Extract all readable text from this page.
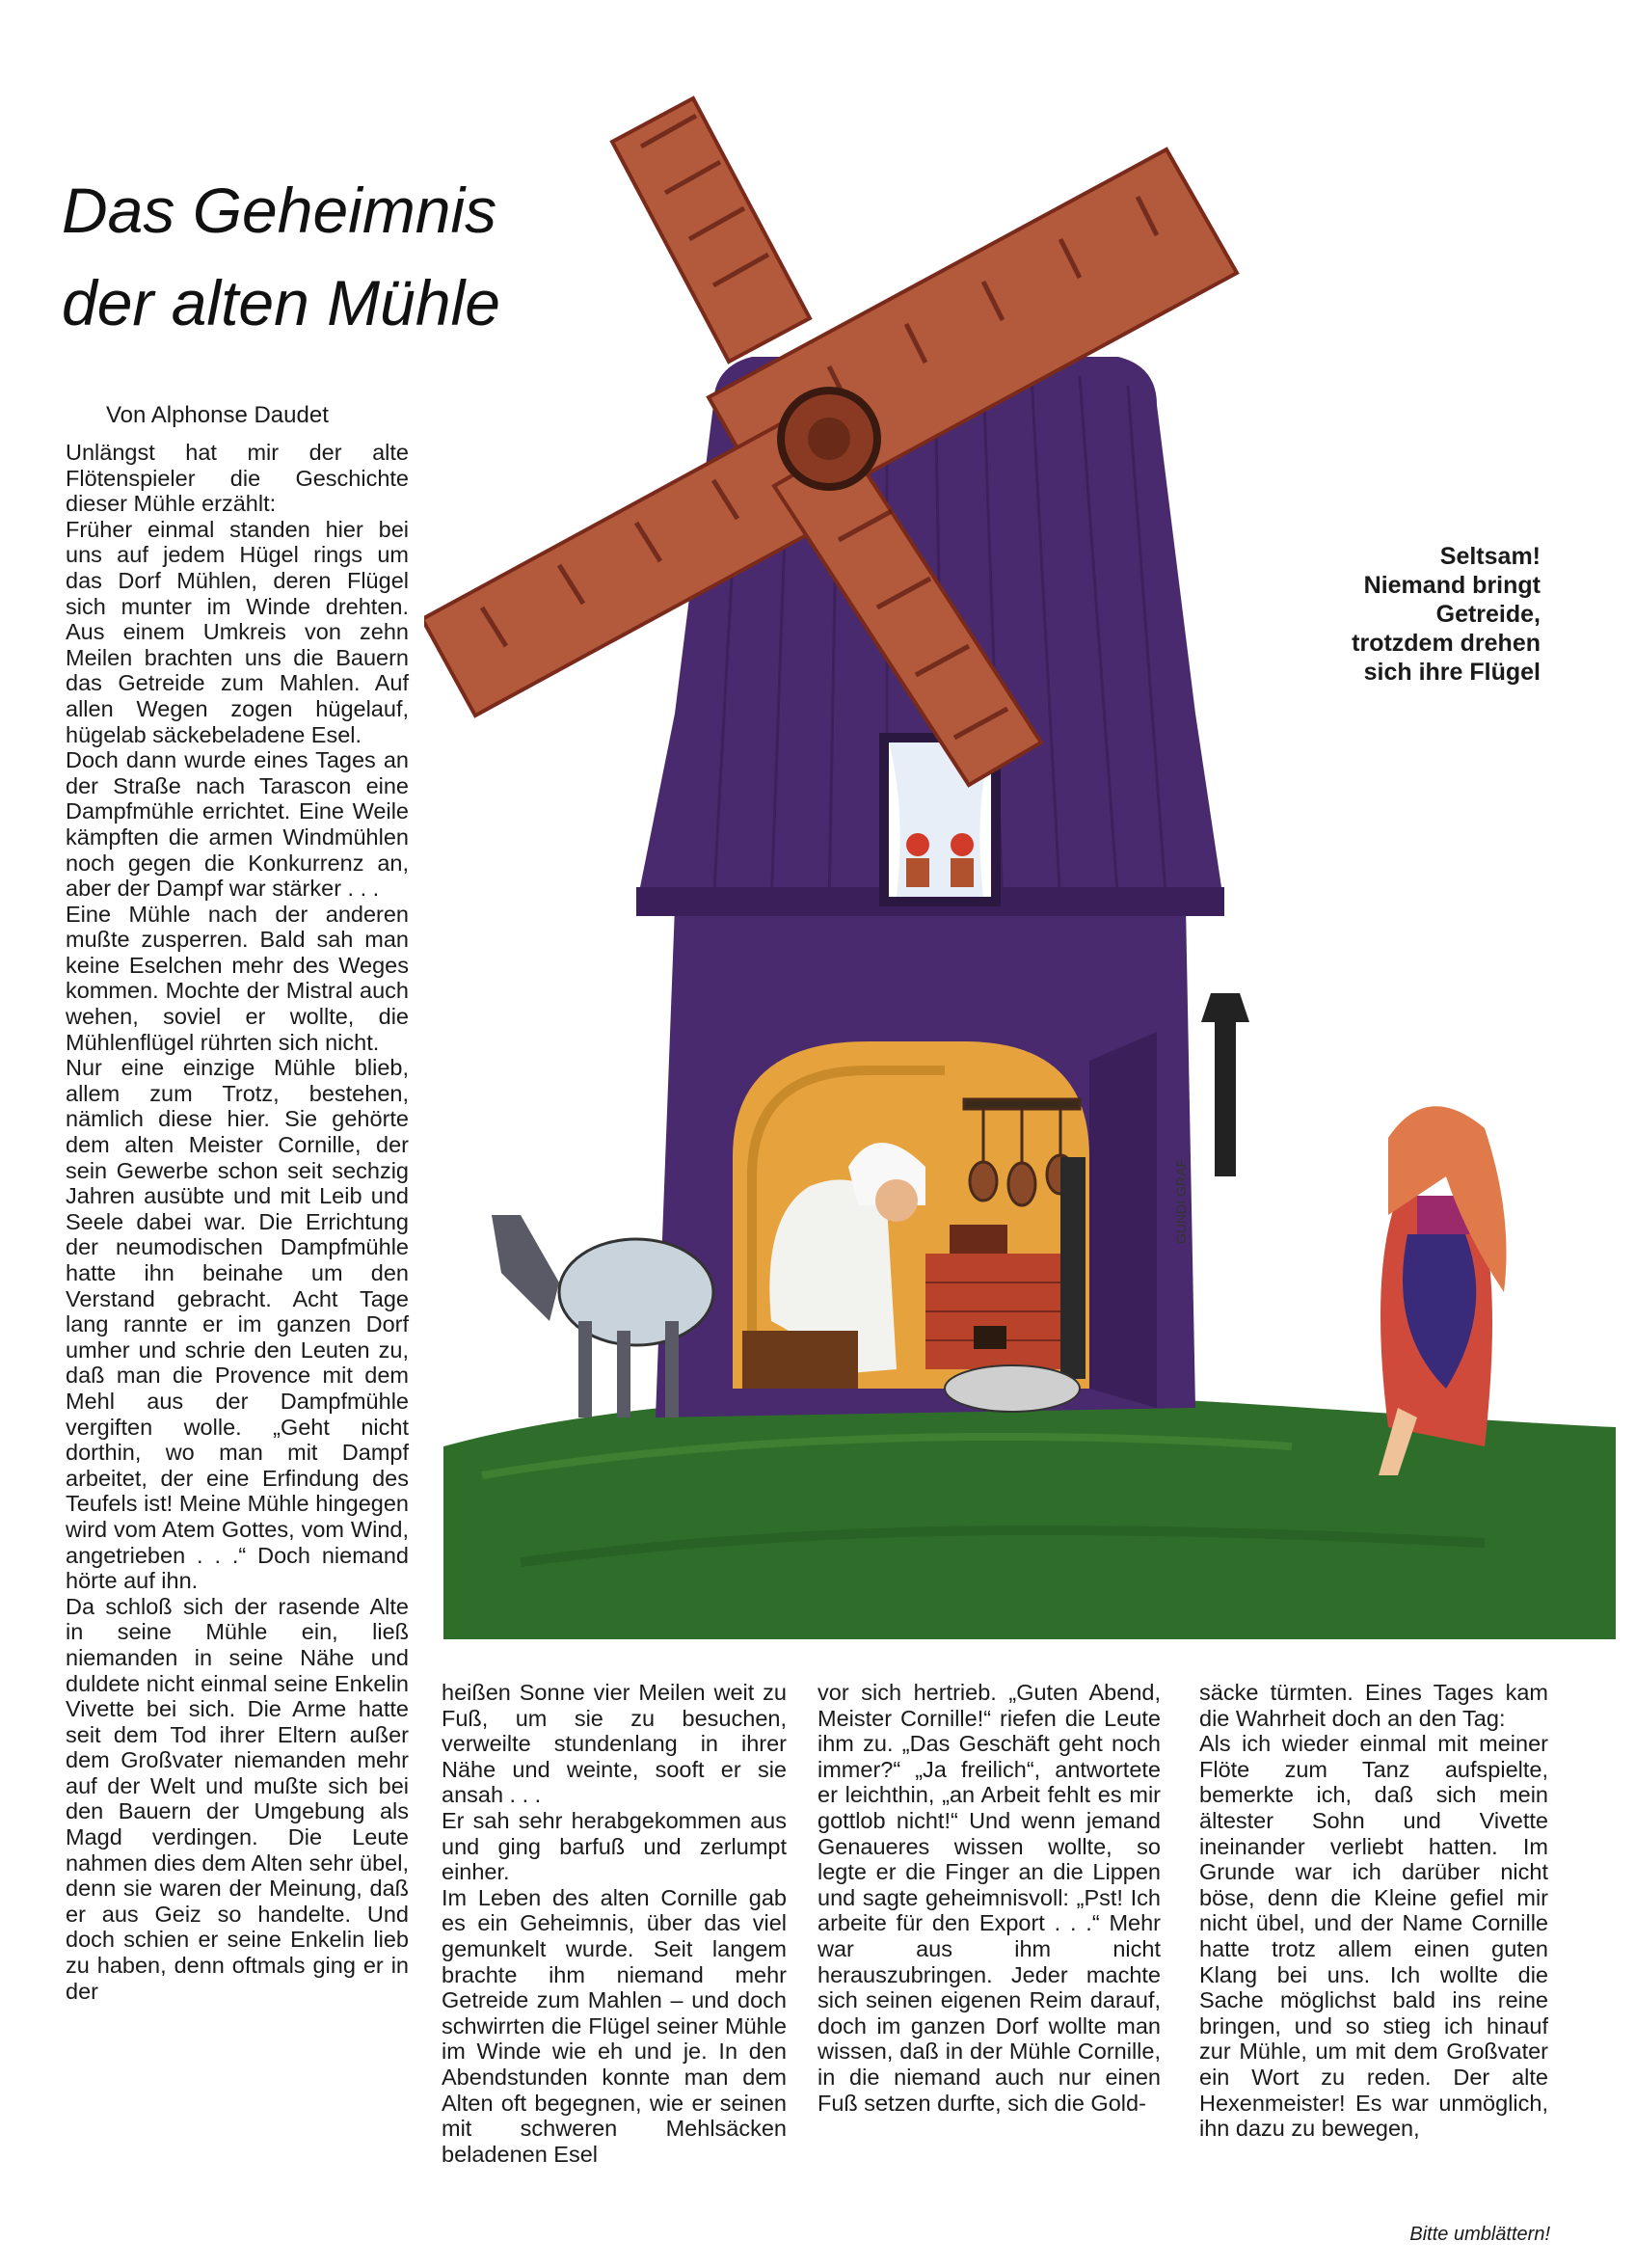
Das Geheimnis
der alten Mühle
Von Alphonse Daudet
GUNDI GRAF
Seltsam!
Niemand bringt
Getreide,
trotzdem drehen
sich ihre Flügel

Unlängst hat mir der alte Flötenspieler die Geschichte dieser Mühle erzählt:

Früher einmal standen hier bei uns auf jedem Hügel rings um das Dorf Mühlen, deren Flügel sich munter im Winde drehten. Aus einem Umkreis von zehn Meilen brachten uns die Bauern das Getreide zum Mahlen. Auf allen Wegen zogen hügelauf, hügelab säckebeladene Esel.

Doch dann wurde eines Tages an der Straße nach Tarascon eine Dampfmühle errichtet. Eine Weile kämpften die armen Windmühlen noch gegen die Konkurrenz an, aber der Dampf war stärker . . .

Eine Mühle nach der anderen mußte zusperren. Bald sah man keine Eselchen mehr des Weges kommen. Mochte der Mistral auch wehen, soviel er wollte, die Mühlenflügel rührten sich nicht.

Nur eine einzige Mühle blieb, allem zum Trotz, bestehen, nämlich diese hier. Sie gehörte dem alten Meister Cornille, der sein Gewerbe schon seit sechzig Jahren ausübte und mit Leib und Seele dabei war. Die Errichtung der neumodischen Dampfmühle hatte ihn beinahe um den Verstand gebracht. Acht Tage lang rannte er im ganzen Dorf umher und schrie den Leuten zu, daß man die Provence mit dem Mehl aus der Dampfmühle vergiften wolle. „Geht nicht dorthin, wo man mit Dampf arbeitet, der eine Erfindung des Teufels ist! Meine Mühle hingegen wird vom Atem Gottes, vom Wind, angetrieben . . .“ Doch niemand hörte auf ihn.

Da schloß sich der rasende Alte in seine Mühle ein, ließ niemanden in seine Nähe und duldete nicht einmal seine Enkelin Vivette bei sich. Die Arme hatte seit dem Tod ihrer Eltern außer dem Großvater niemanden mehr auf der Welt und mußte sich bei den Bauern der Umgebung als Magd verdingen. Die Leute nahmen dies dem Alten sehr übel, denn sie waren der Meinung, daß er aus Geiz so handelte. Und doch schien er seine Enkelin lieb zu haben, denn oftmals ging er in der

heißen Sonne vier Meilen weit zu Fuß, um sie zu besuchen, verweilte stundenlang in ihrer Nähe und weinte, sooft er sie ansah . . .

Er sah sehr herabgekommen aus und ging barfuß und zerlumpt einher.

Im Leben des alten Cornille gab es ein Geheimnis, über das viel gemunkelt wurde. Seit langem brachte ihm niemand mehr Getreide zum Mahlen – und doch schwirrten die Flügel seiner Mühle im Winde wie eh und je. In den Abendstunden konnte man dem Alten oft begegnen, wie er seinen mit schweren Mehlsäcken beladenen Esel

vor sich hertrieb. „Guten Abend, Meister Cornille!“ riefen die Leute ihm zu. „Das Geschäft geht noch immer?“ „Ja freilich“, antwortete er leichthin, „an Arbeit fehlt es mir gottlob nicht!“ Und wenn jemand Genaueres wissen wollte, so legte er die Finger an die Lippen und sagte geheimnisvoll: „Pst! Ich arbeite für den Export . . .“ Mehr war aus ihm nicht herauszubringen. Jeder machte sich seinen eigenen Reim darauf, doch im ganzen Dorf wollte man wissen, daß in der Mühle Cornille, in die niemand auch nur einen Fuß setzen durfte, sich die Gold-

säcke türmten. Eines Tages kam die Wahrheit doch an den Tag:

Als ich wieder einmal mit meiner Flöte zum Tanz aufspielte, bemerkte ich, daß sich mein ältester Sohn und Vivette ineinander verliebt hatten. Im Grunde war ich darüber nicht böse, denn die Kleine gefiel mir nicht übel, und der Name Cornille hatte trotz allem einen guten Klang bei uns. Ich wollte die Sache möglichst bald ins reine bringen, und so stieg ich hinauf zur Mühle, um mit dem Großvater ein Wort zu reden. Der alte Hexenmeister! Es war unmöglich, ihn dazu zu bewegen,

Bitte umblättern!
